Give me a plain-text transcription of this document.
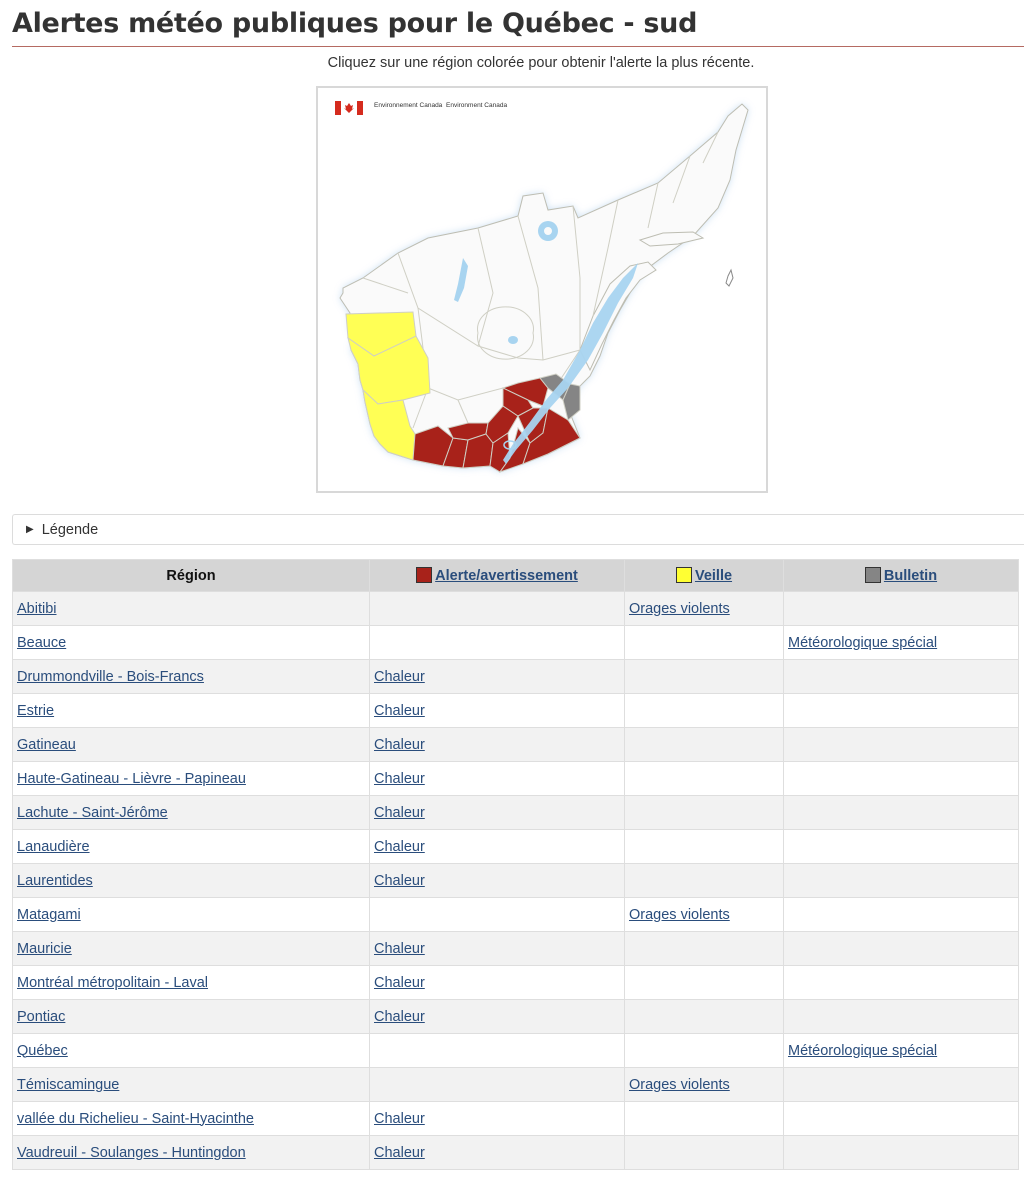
Alertes météo publiques pour le Québec - sud
Cliquez sur une région colorée pour obtenir l'alerte la plus récente.
Environnement Canada Environment Canada
▶ Légende
Région	Alerte/avertissement	Veille	Bulletin
Abitibi		Orages violents	
Beauce			Météorologique spécial
Drummondville - Bois-Francs	Chaleur		
Estrie	Chaleur		
Gatineau	Chaleur		
Haute-Gatineau - Lièvre - Papineau	Chaleur		
Lachute - Saint-Jérôme	Chaleur		
Lanaudière	Chaleur		
Laurentides	Chaleur		
Matagami		Orages violents	
Mauricie	Chaleur		
Montréal métropolitain - Laval	Chaleur		
Pontiac	Chaleur		
Québec			Météorologique spécial
Témiscamingue		Orages violents	
vallée du Richelieu - Saint-Hyacinthe	Chaleur		
Vaudreuil - Soulanges - Huntingdon	Chaleur		
